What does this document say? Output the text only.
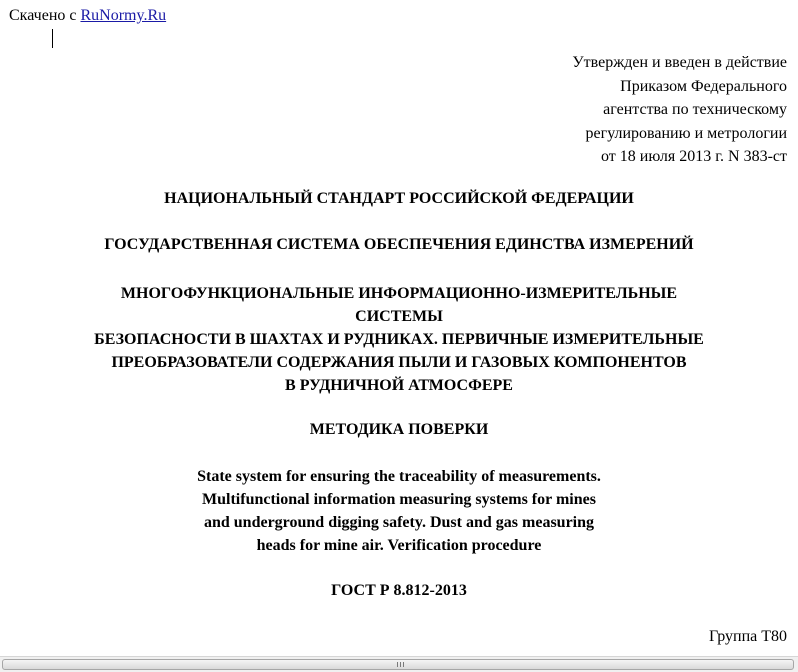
Скачено с RuNormy.Ru
Утвержден и введен в действие
Приказом Федерального
агентства по техническому
регулированию и метрологии
от 18 июля 2013 г. N 383-ст
НАЦИОНАЛЬНЫЙ СТАНДАРТ РОССИЙСКОЙ ФЕДЕРАЦИИ
ГОСУДАРСТВЕННАЯ СИСТЕМА ОБЕСПЕЧЕНИЯ ЕДИНСТВА ИЗМЕРЕНИЙ
МНОГОФУНКЦИОНАЛЬНЫЕ ИНФОРМАЦИОННО-ИЗМЕРИТЕЛЬНЫЕ
СИСТЕМЫ
БЕЗОПАСНОСТИ В ШАХТАХ И РУДНИКАХ. ПЕРВИЧНЫЕ ИЗМЕРИТЕЛЬНЫЕ
ПРЕОБРАЗОВАТЕЛИ СОДЕРЖАНИЯ ПЫЛИ И ГАЗОВЫХ КОМПОНЕНТОВ
В РУДНИЧНОЙ АТМОСФЕРЕ
МЕТОДИКА ПОВЕРКИ
State system for ensuring the traceability of measurements.
Multifunctional information measuring systems for mines
and underground digging safety. Dust and gas measuring
heads for mine air. Verification procedure
ГОСТ Р 8.812-2013
Группа Т80
